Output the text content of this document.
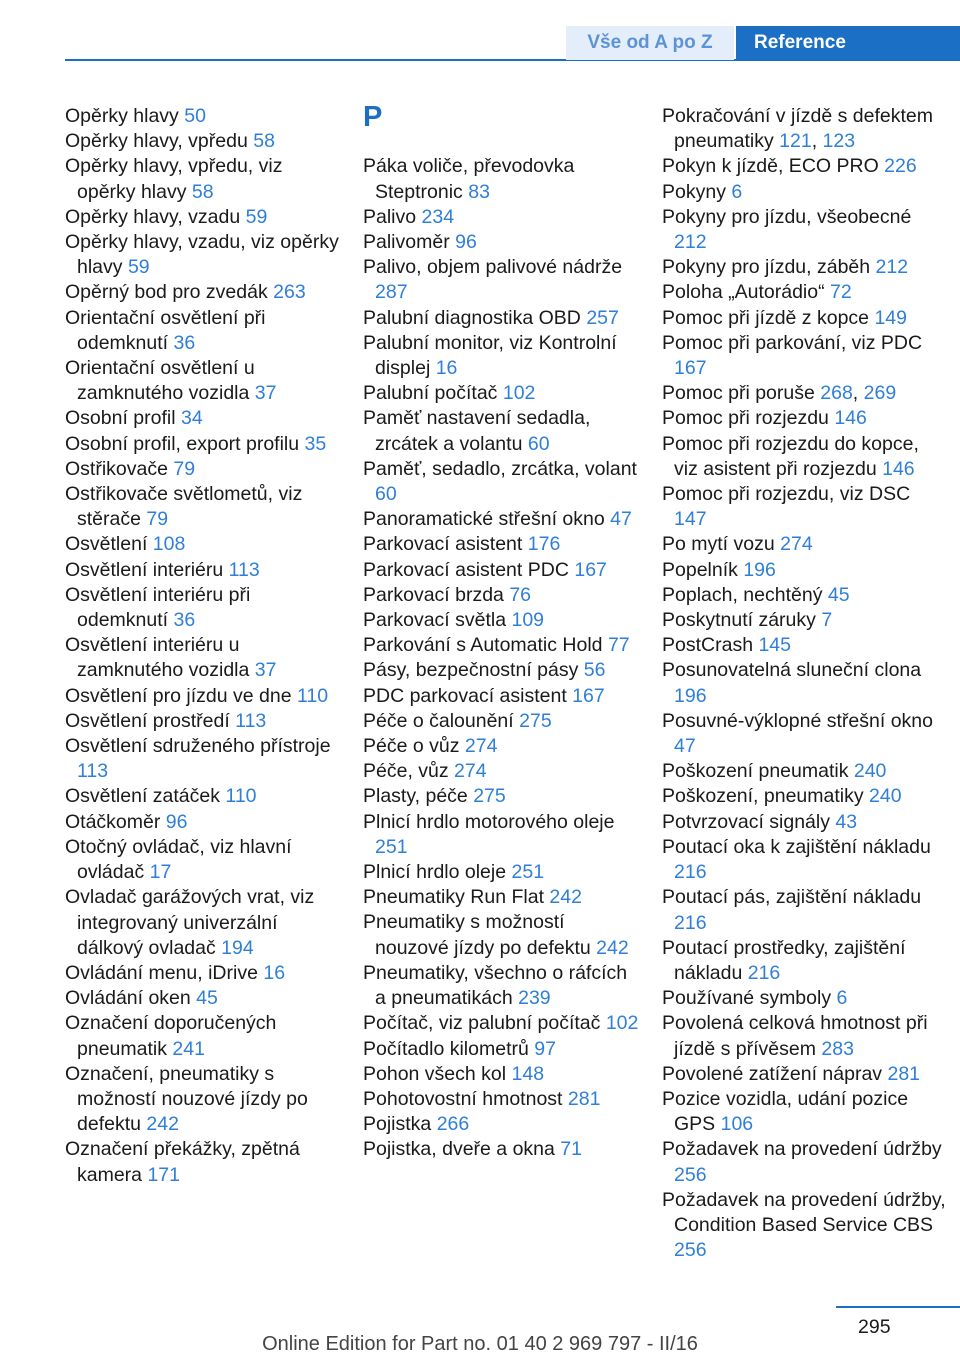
Vše od A po Z	Reference
Opěrky hlavy 50
Opěrky hlavy, vpředu 58
Opěrky hlavy, vpředu, viz opěrky hlavy 58
Opěrky hlavy, vzadu 59
Opěrky hlavy, vzadu, viz opěrky hlavy 59
Opěrný bod pro zvedák 263
Orientační osvětlení při odemknutí 36
Orientační osvětlení u zamknutého vozidla 37
Osobní profil 34
Osobní profil, export profilu 35
Ostřikovače 79
Ostřikovače světlometů, viz stěrače 79
Osvětlení 108
Osvětlení interiéru 113
Osvětlení interiéru při odemknutí 36
Osvětlení interiéru u zamknutého vozidla 37
Osvětlení pro jízdu ve dne 110
Osvětlení prostředí 113
Osvětlení sdruženého přístroje 113
Osvětlení zatáček 110
Otáčkoměr 96
Otočný ovládač, viz hlavní ovládač 17
Ovladač garážových vrat, viz integrovaný univerzální dálkový ovladač 194
Ovládání menu, iDrive 16
Ovládání oken 45
Označení doporučených pneumatik 241
Označení, pneumatiky s možností nouzové jízdy po defektu 242
Označení překážky, zpětná kamera 171
P
Páka voliče, převodovka Steptronic 83
Palivo 234
Palivoměr 96
Palivo, objem palivové nádrže 287
Palubní diagnostika OBD 257
Palubní monitor, viz Kontrolní displej 16
Palubní počítač 102
Paměť nastavení sedadla, zrcátek a volantu 60
Paměť, sedadlo, zrcátka, volant 60
Panoramatické střešní okno 47
Parkovací asistent 176
Parkovací asistent PDC 167
Parkovací brzda 76
Parkovací světla 109
Parkování s Automatic Hold 77
Pásy, bezpečnostní pásy 56
PDC parkovací asistent 167
Péče o čalounění 275
Péče o vůz 274
Péče, vůz 274
Plasty, péče 275
Plnicí hrdlo motorového oleje 251
Plnicí hrdlo oleje 251
Pneumatiky Run Flat 242
Pneumatiky s možností nouzové jízdy po defektu 242
Pneumatiky, všechno o ráfcích a pneumatikách 239
Počítač, viz palubní počítač 102
Počítadlo kilometrů 97
Pohon všech kol 148
Pohotovostní hmotnost 281
Pojistka 266
Pojistka, dveře a okna 71
Pokračování v jízdě s defektem pneumatiky 121, 123
Pokyn k jízdě, ECO PRO 226
Pokyny 6
Pokyny pro jízdu, všeobecné 212
Pokyny pro jízdu, záběh 212
Poloha „Autorádio“ 72
Pomoc při jízdě z kopce 149
Pomoc při parkování, viz PDC 167
Pomoc při poruše 268, 269
Pomoc při rozjezdu 146
Pomoc při rozjezdu do kopce, viz asistent při rozjezdu 146
Pomoc při rozjezdu, viz DSC 147
Po mytí vozu 274
Popelník 196
Poplach, nechtěný 45
Poskytnutí záruky 7
PostCrash 145
Posunovatelná sluneční clona 196
Posuvné-výklopné střešní okno 47
Poškození pneumatik 240
Poškození, pneumatiky 240
Potvrzovací signály 43
Poutací oka k zajištění nákladu 216
Poutací pás, zajištění nákladu 216
Poutací prostředky, zajištění nákladu 216
Používané symboly 6
Povolená celková hmotnost při jízdě s přívěsem 283
Povolené zatížení náprav 281
Pozice vozidla, udání pozice GPS 106
Požadavek na provedení údržby 256
Požadavek na provedení údržby, Condition Based Service CBS 256
295
Online Edition for Part no. 01 40 2 969 797 - II/16
